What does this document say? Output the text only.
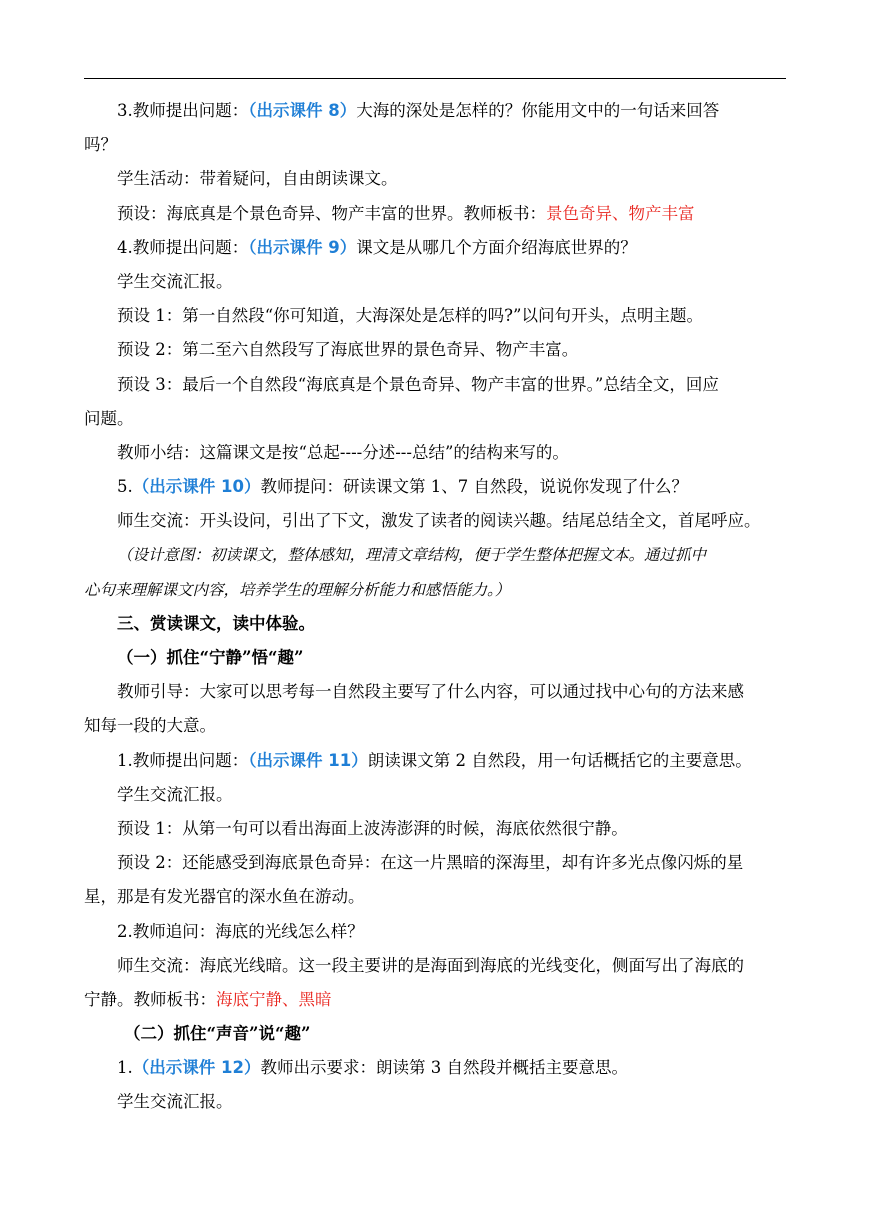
3.教师提出问题：（出示课件 8）大海的深处是怎样的？你能用文中的一句话来回答
吗？
学生活动：带着疑问，自由朗读课文。
预设：海底真是个景色奇异、物产丰富的世界。教师板书：景色奇异、物产丰富
4.教师提出问题：（出示课件 9）课文是从哪几个方面介绍海底世界的？
学生交流汇报。
预设 1：第一自然段“你可知道，大海深处是怎样的吗?”以问句开头，点明主题。
预设 2：第二至六自然段写了海底世界的景色奇异、物产丰富。
预设 3：最后一个自然段“海底真是个景色奇异、物产丰富的世界。”总结全文，回应
问题。
教师小结：这篇课文是按“总起----分述---总结”的结构来写的。
5.（出示课件 10）教师提问：研读课文第 1、7 自然段，说说你发现了什么？
师生交流：开头设问，引出了下文，激发了读者的阅读兴趣。结尾总结全文，首尾呼应。
（设计意图：初读课文，整体感知，理清文章结构，便于学生整体把握文本。通过抓中
心句来理解课文内容，培养学生的理解分析能力和感悟能力。）
三、赏读课文，读中体验。
（一）抓住“宁静”悟“趣”
教师引导：大家可以思考每一自然段主要写了什么内容，可以通过找中心句的方法来感
知每一段的大意。
1.教师提出问题：（出示课件 11）朗读课文第 2 自然段，用一句话概括它的主要意思。
学生交流汇报。
预设 1：从第一句可以看出海面上波涛澎湃的时候，海底依然很宁静。
预设 2：还能感受到海底景色奇异：在这一片黑暗的深海里，却有许多光点像闪烁的星
星，那是有发光器官的深水鱼在游动。
2.教师追问：海底的光线怎么样？
师生交流：海底光线暗。这一段主要讲的是海面到海底的光线变化，侧面写出了海底的
宁静。教师板书：海底宁静、黑暗
（二）抓住“声音”说“趣”
1.（出示课件 12）教师出示要求：朗读第 3 自然段并概括主要意思。
学生交流汇报。
